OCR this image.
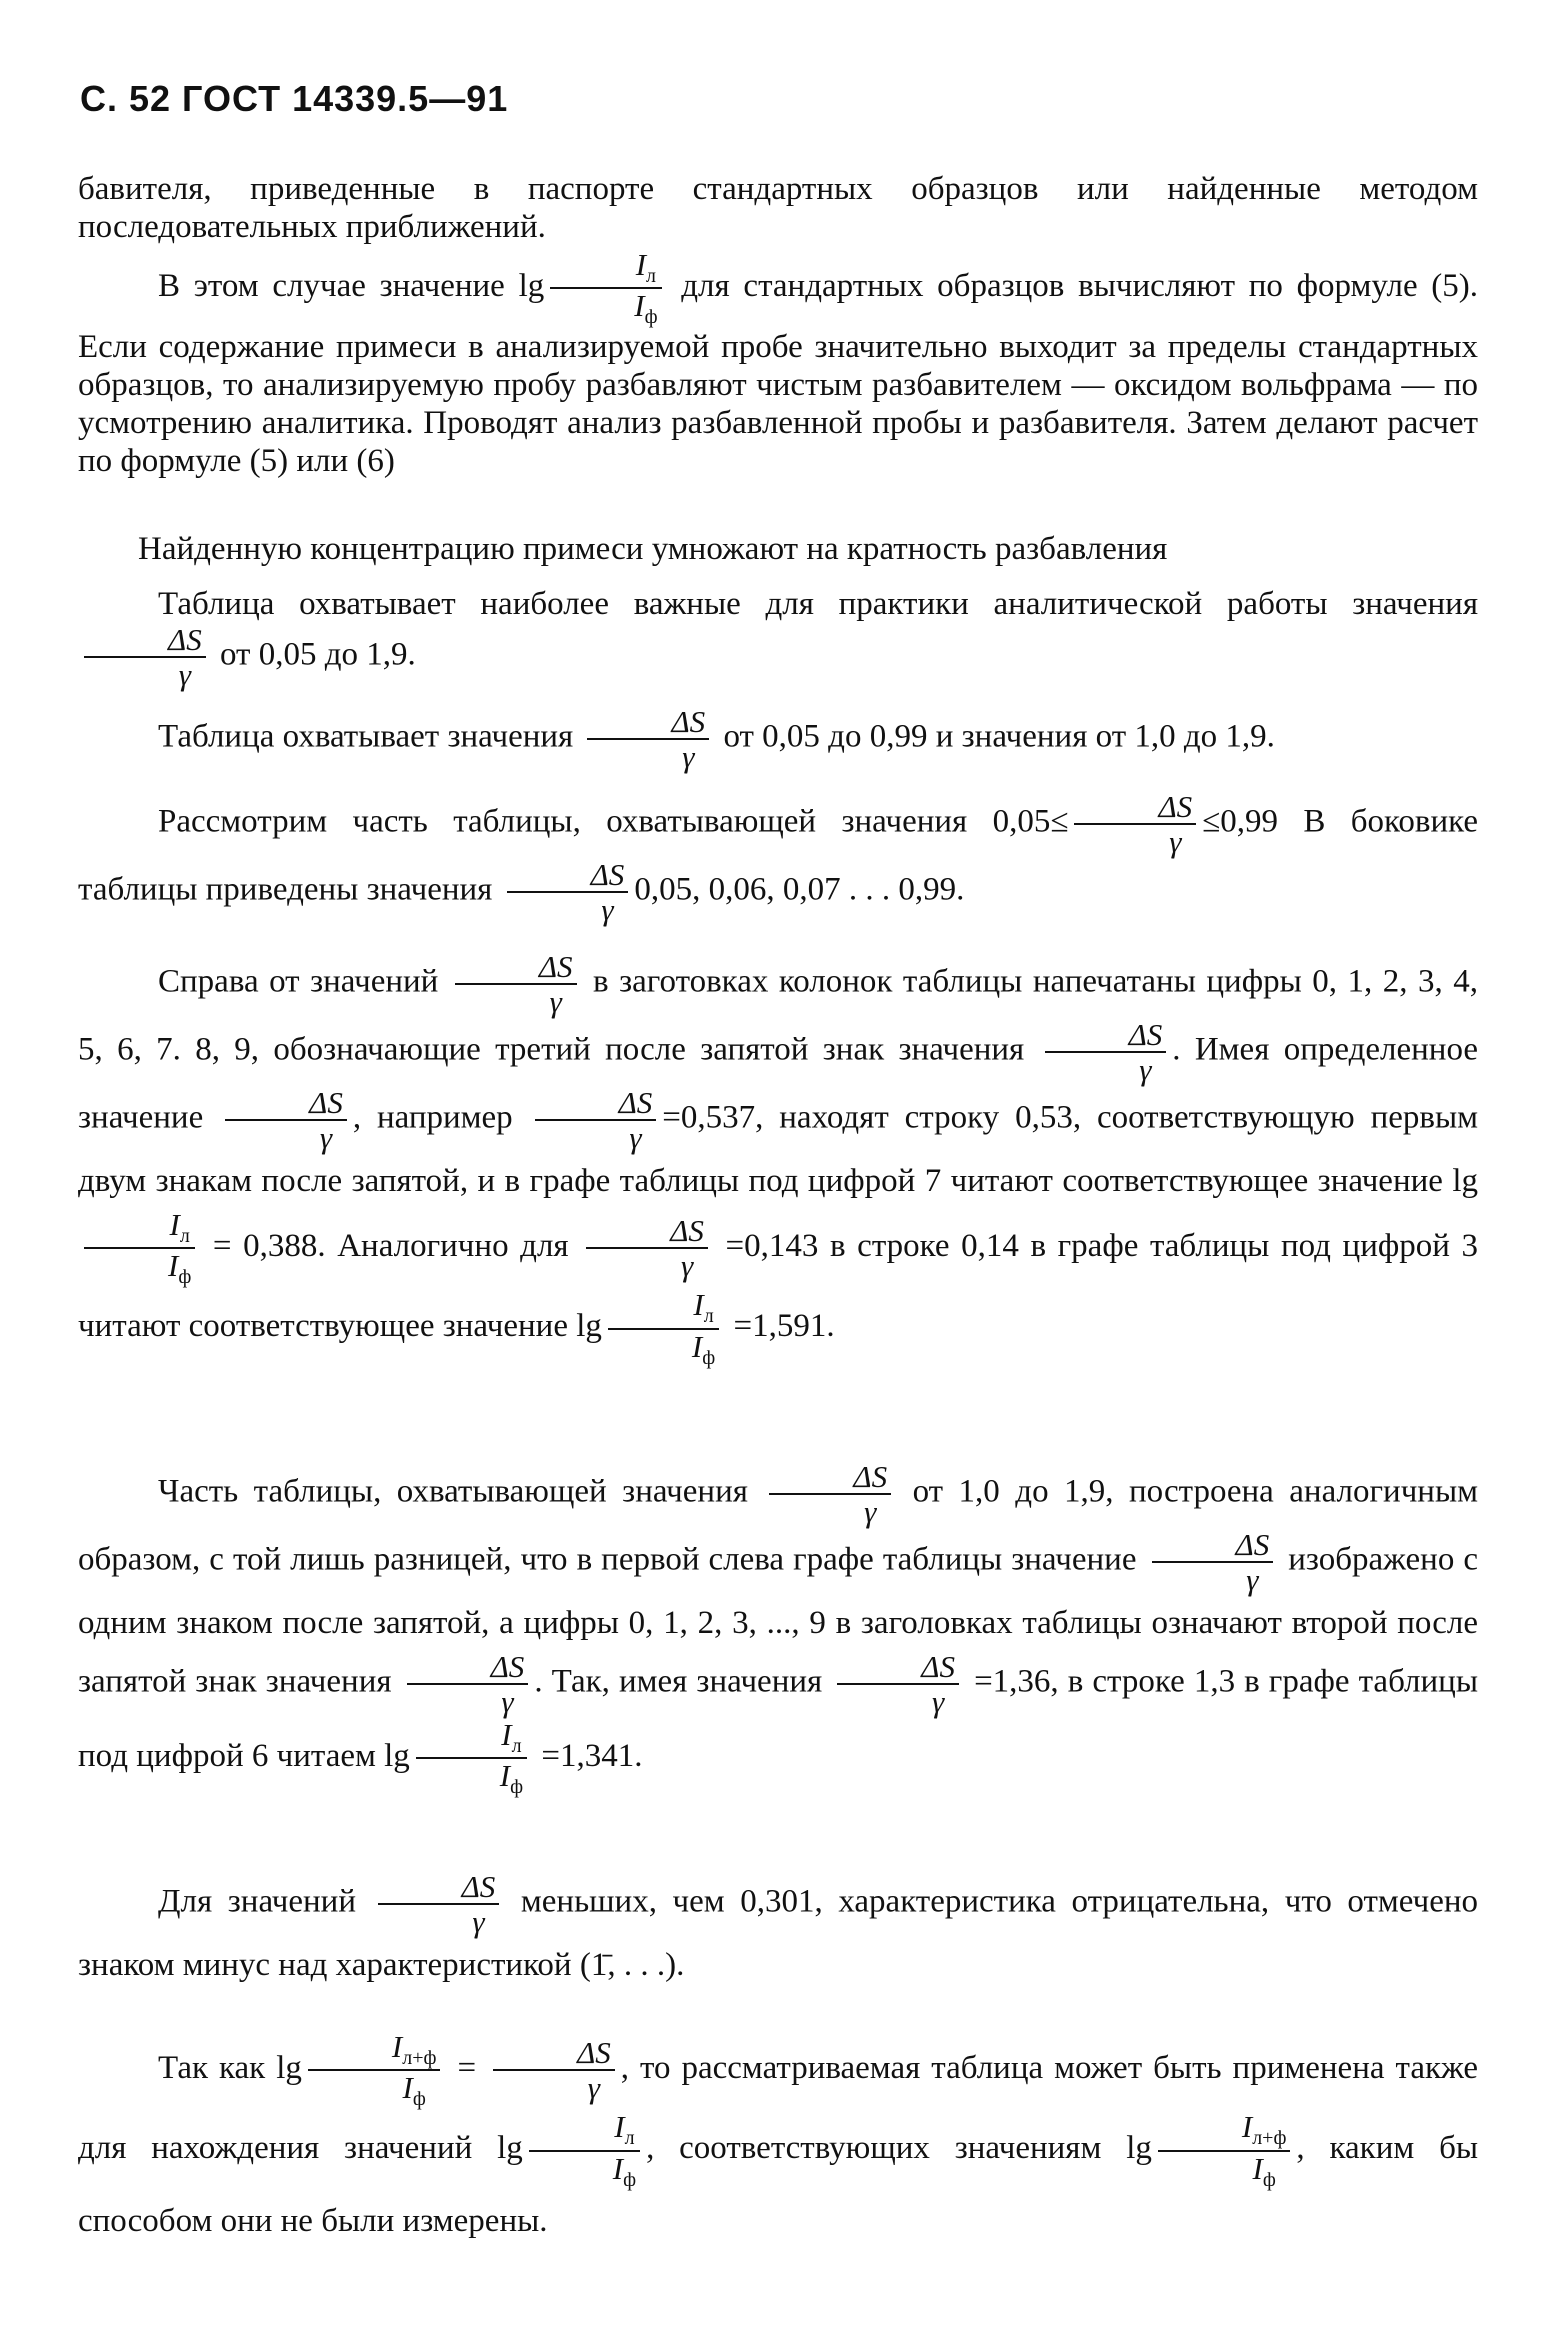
С. 52 ГОСТ 14339.5—91
бавителя, приведенные в паспорте стандартных образцов или найденные методом последовательных приближений.
В этом случае значение $\lg \frac{I_л}{I_ф}$ для стандартных образцов вычисляют по формуле (5). Если содержание примеси в анализируемой пробе значительно выходит за пределы стандартных образцов, то анализируемую пробу разбавляют чистым разбавителем — оксидом вольфрама — по усмотрению аналитика. Проводят анализ разбавленной пробы и разбавителя. Затем делают расчет по формуле (5) или (6)
Найденную концентрацию примеси умножают на кратность разбавления
Таблица охватывает наиболее важные для практики аналитической работы значения
$\frac{\Delta S}{\gamma}$ от 0,05 до 1,9.
Таблица охватывает значения $\frac{\Delta S}{\gamma}$ от 0,05 до 0,99 и значения от 1,0 до 1,9.
Рассмотрим часть таблицы, охватывающей значения $0,05\le \frac{\Delta S}{\gamma} \le 0,99$ В боковике таблицы приведены значения $\frac{\Delta S}{\gamma} 0,05$, 0,06, 0,07 . . . 0,99.
Справа от значений $\frac{\Delta S}{\gamma}$ в заготовках колонок таблицы напечатаны цифры 0, 1, 2, 3, 4, 5, 6, 7. 8, 9, обозначающие третий после запятой знак значения $\frac{\Delta S}{\gamma}$ . Имея определенное значение $\frac{\Delta S}{\gamma}$ , например $\frac{\Delta S}{\gamma} =0,537$, находят строку 0,53, соответствующую первым двум знакам после запятой, и в графе таблицы под цифрой 7 читают соответствующее значение lg
$\frac{I_л}{I_ф} = 0,388$. Аналогично для $\frac{\Delta S}{\gamma} =0,143$ в строке 0,14 в графе таблицы под цифрой 3 читают соответствующее значение $\lg \frac{I_л}{I_ф} =1,591$.
Часть таблицы, охватывающей значения $\frac{\Delta S}{\gamma}$ от 1,0 до 1,9, построена аналогичным образом, с той лишь разницей, что в первой слева графе таблицы значение $\frac{\Delta S}{\gamma}$ изображено с одним знаком после запятой, а цифры 0, 1, 2, 3, ..., 9 в заголовках таблицы означают второй после запятой знак значения $\frac{\Delta S}{\gamma}$ . Так, имея значения $\frac{\Delta S}{\gamma} =1,36$, в строке 1,3 в графе таблицы под цифрой 6 читаем $\lg \frac{I_л}{I_ф} =1,341$.
Для значений $\frac{\Delta S}{\gamma}$ меньших, чем 0,301, характеристика отрицательна, что отмечено знаком минус над характеристикой (1̄, . . .).
Так как $\lg \frac{I_{л+ф}}{I_ф} = \frac{\Delta S}{\gamma}$ , то рассматриваемая таблица может быть применена также для нахождения значений $\lg \frac{I_л}{I_ф}$ , соответствующих значениям $\lg \frac{I_{л+ф}}{I_ф}$ , каким бы способом они не были измерены.
